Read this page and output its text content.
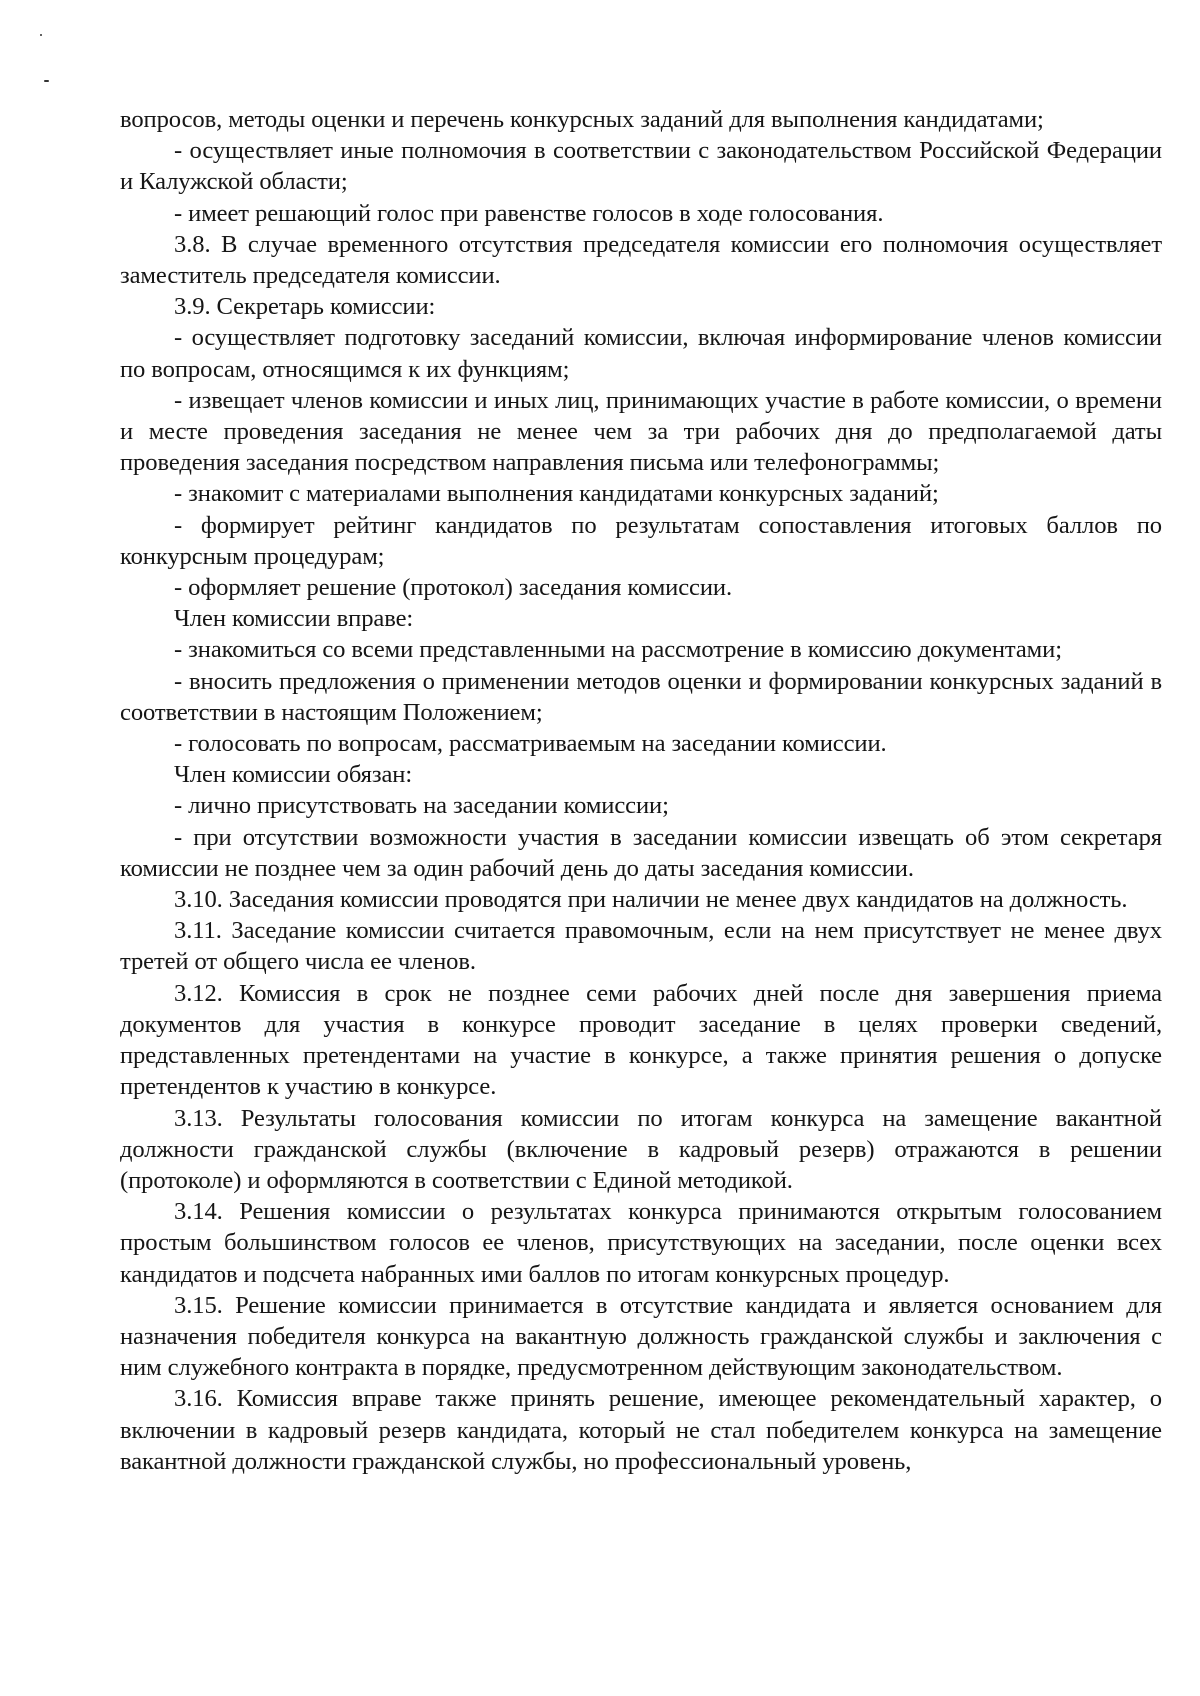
вопросов, методы оценки и перечень конкурсных заданий для выполнения кандидатами;

- осуществляет иные полномочия в соответствии с законодательством Российской Федерации и Калужской области;

- имеет решающий голос при равенстве голосов в ходе голосования.

3.8. В случае временного отсутствия председателя комиссии его полномочия осуществляет заместитель председателя комиссии.

3.9. Секретарь комиссии:

- осуществляет подготовку заседаний комиссии, включая информирование членов комиссии по вопросам, относящимся к их функциям;

- извещает членов комиссии и иных лиц, принимающих участие в работе комиссии, о времени и месте проведения заседания не менее чем за три рабочих дня до предполагаемой даты проведения заседания посредством направления письма или телефонограммы;

- знакомит с материалами выполнения кандидатами конкурсных заданий;

- формирует рейтинг кандидатов по результатам сопоставления итоговых баллов по конкурсным процедурам;

- оформляет решение (протокол) заседания комиссии.

Член комиссии вправе:

- знакомиться со всеми представленными на рассмотрение в комиссию документами;

- вносить предложения о применении методов оценки и формировании конкурсных заданий в соответствии в настоящим Положением;

- голосовать по вопросам, рассматриваемым на заседании комиссии.

Член комиссии обязан:

- лично присутствовать на заседании комиссии;

- при отсутствии возможности участия в заседании комиссии извещать об этом секретаря комиссии не позднее чем за один рабочий день до даты заседания комиссии.

3.10. Заседания комиссии проводятся при наличии не менее двух кандидатов на должность.

3.11. Заседание комиссии считается правомочным, если на нем присутствует не менее двух третей от общего числа ее членов.

3.12. Комиссия в срок не позднее семи рабочих дней после дня завершения приема документов для участия в конкурсе проводит заседание в целях проверки сведений, представленных претендентами на участие в конкурсе, а также принятия решения о допуске претендентов к участию в конкурсе.

3.13. Результаты голосования комиссии по итогам конкурса на замещение вакантной должности гражданской службы (включение в кадровый резерв) отражаются в решении (протоколе) и оформляются в соответствии с Единой методикой.

3.14. Решения комиссии о результатах конкурса принимаются открытым голосованием простым большинством голосов ее членов, присутствующих на заседании, после оценки всех кандидатов и подсчета набранных ими баллов по итогам конкурсных процедур.

3.15. Решение комиссии принимается в отсутствие кандидата и является основанием для назначения победителя конкурса на вакантную должность гражданской службы и заключения с ним служебного контракта в порядке, предусмотренном действующим законодательством.

3.16. Комиссия вправе также принять решение, имеющее рекомендательный характер, о включении в кадровый резерв кандидата, который не стал победителем конкурса на замещение вакантной должности гражданской службы, но профессиональный уровень,
